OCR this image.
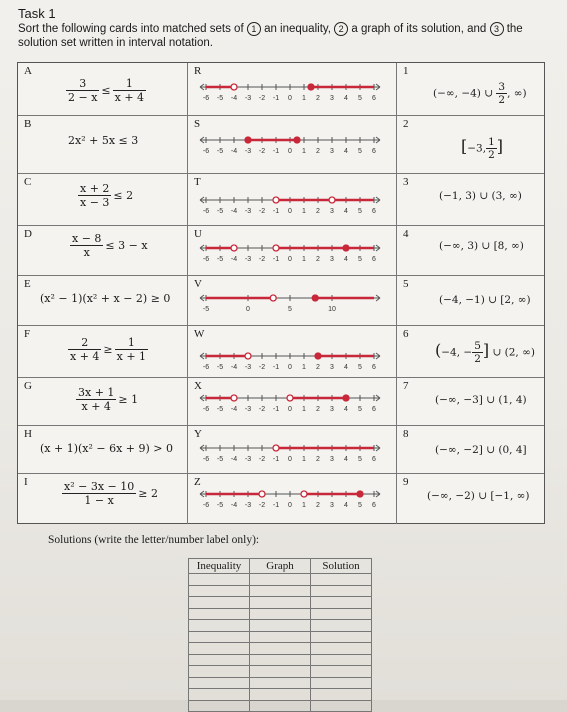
Task 1
Sort the following cards into matched sets of 1 an inequality, 2 a graph of its solution, and 3 the solution set written in interval notation.
A
$\frac{3}{2 - x} \le \frac{1}{x + 4}$
R
-6 -5 -4 -3 -2 -1 0 1 2 3 4 5 6
1
(−∞, −4) ∪ $\frac{3}{2}$ , ∞)
B
2x² + 5x ≤ 3
S
-6 -5 -4 -3 -2 -1 0 1 2 3 4 5 6
2
[−3, $\frac{1}{2}$ ]
C	$\frac{x + 2}{x - 3} \le 2$
T
-6 -5 -4 -3 -2 -1 0 1 2 3 4 5 6
3
(−1, 3) ∪ (3, ∞)
D	$\frac{x - 8}{x} \le 3 - x$
U
-6 -5 -4 -3 -2 -1 0 1 2 3 4 5 6
4
(−∞, 3) ∪ [8, ∞)
E
(x² − 1)(x² + x − 2) ≥ 0
V
-5	0	5	10
5
(−4, −1) ∪ [2, ∞)
F
$\frac{2}{x + 4} \ge \frac{1}{x + 1}$
W
-6 -5 -4 -3 -2 -1 0 1 2 3 4 5 6
6
(−4, − $\frac{5}{2}$ ] ∪ (2, ∞)
G	$\frac{3x + 1}{x + 4} \ge 1$
X
-6 -5 -4 -3 -2 -1 0 1 2 3 4 5 6
7
(−∞, −3] ∪ (1, 4)
H
(x + 1)(x² − 6x + 9) > 0
Y
-6 -5 -4 -3 -2 -1 0 1 2 3 4 5 6
8
(−∞, −2] ∪ (0, 4]
I	$\frac{\text{x² − 3x − 10}}{1 - x} \ge 2$
Z
-6 -5 -4 -3 -2 -1 0 1 2 3 4 5 6
9
(−∞, −2) ∪ [−1, ∞)
Solutions (write the letter/number label only):
Inequality	Graph	Solution
